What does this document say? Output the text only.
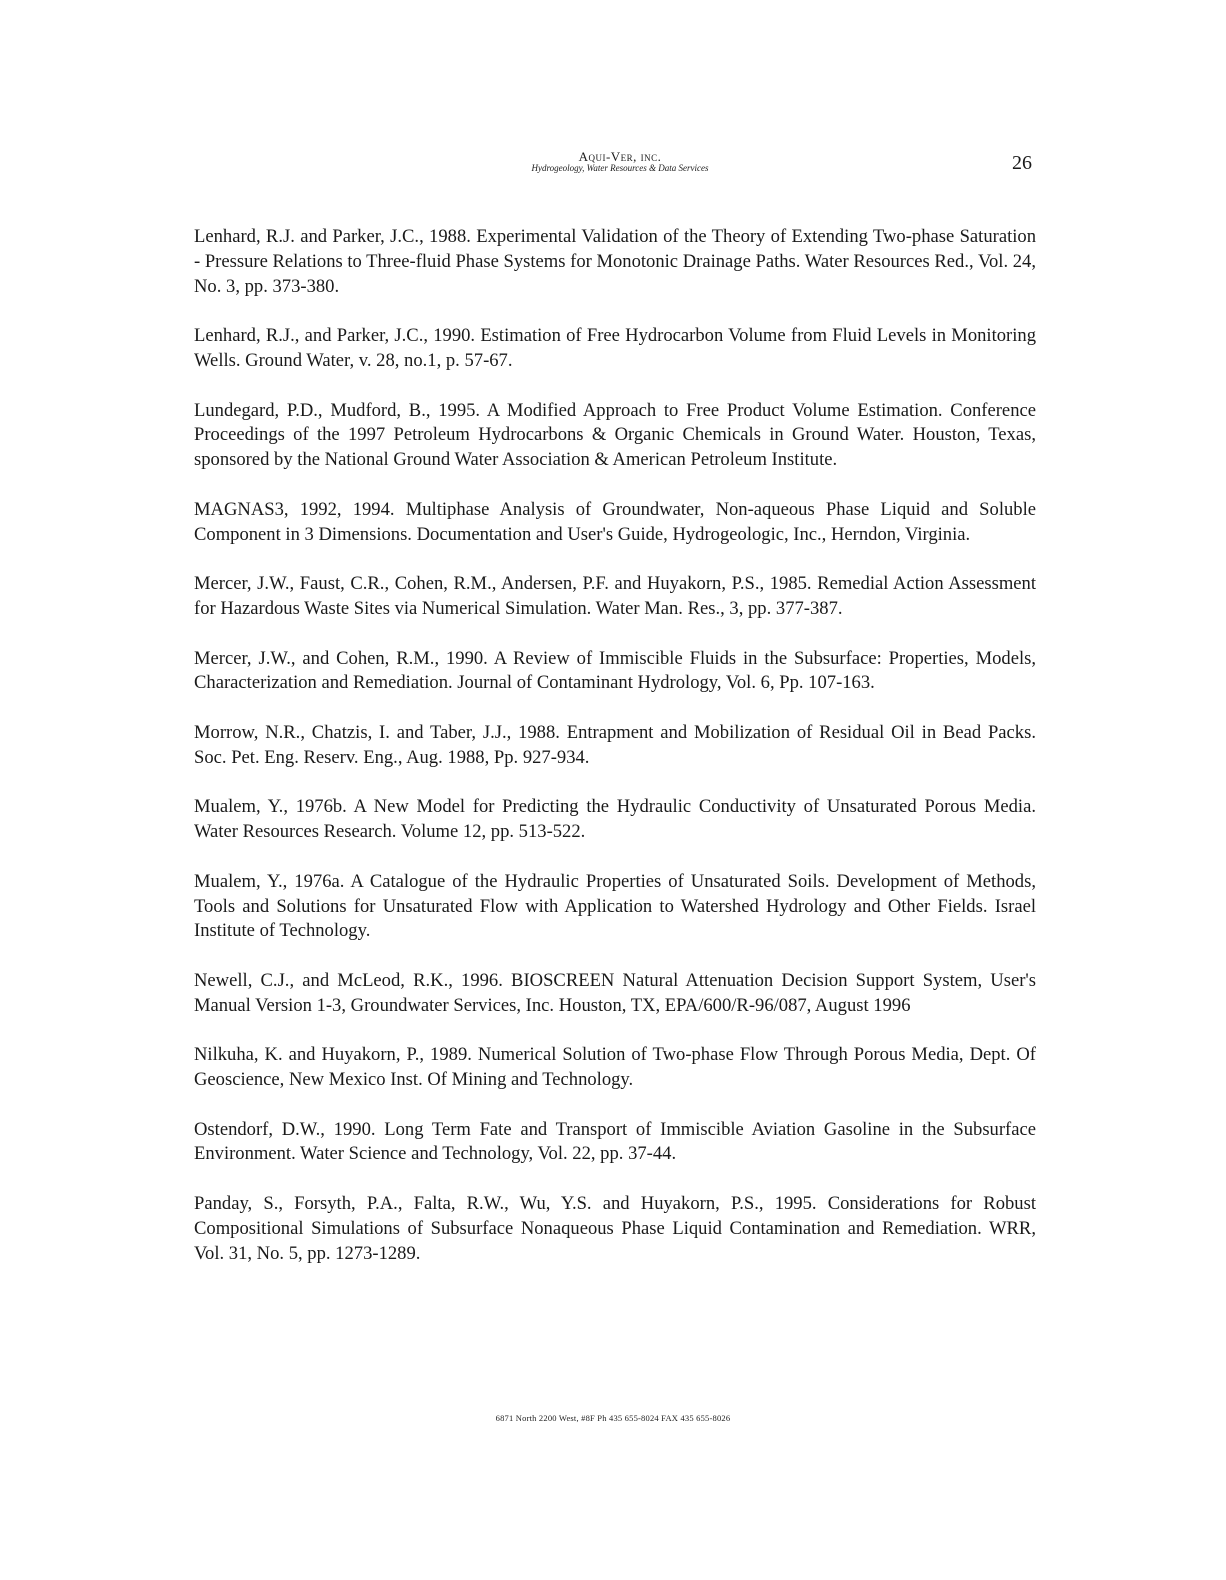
Aqui-Ver, inc.
Hydrogeology, Water Resources & Data Services	26
Lenhard, R.J. and Parker, J.C., 1988. Experimental Validation of the Theory of Extending Two-phase Saturation - Pressure Relations to Three-fluid Phase Systems for Monotonic Drainage Paths. Water Resources Red., Vol. 24, No. 3, pp. 373-380.
Lenhard, R.J., and Parker, J.C., 1990. Estimation of Free Hydrocarbon Volume from Fluid Levels in Monitoring Wells. Ground Water, v. 28, no.1, p. 57-67.
Lundegard, P.D., Mudford, B., 1995. A Modified Approach to Free Product Volume Estimation. Conference Proceedings of the 1997 Petroleum Hydrocarbons & Organic Chemicals in Ground Water. Houston, Texas, sponsored by the National Ground Water Association & American Petroleum Institute.
MAGNAS3, 1992, 1994. Multiphase Analysis of Groundwater, Non-aqueous Phase Liquid and Soluble Component in 3 Dimensions. Documentation and User's Guide, Hydrogeologic, Inc., Herndon, Virginia.
Mercer, J.W., Faust, C.R., Cohen, R.M., Andersen, P.F. and Huyakorn, P.S., 1985. Remedial Action Assessment for Hazardous Waste Sites via Numerical Simulation. Water Man. Res., 3, pp. 377-387.
Mercer, J.W., and Cohen, R.M., 1990. A Review of Immiscible Fluids in the Subsurface: Properties, Models, Characterization and Remediation. Journal of Contaminant Hydrology, Vol. 6, Pp. 107-163.
Morrow, N.R., Chatzis, I. and Taber, J.J., 1988. Entrapment and Mobilization of Residual Oil in Bead Packs. Soc. Pet. Eng. Reserv. Eng., Aug. 1988, Pp. 927-934.
Mualem, Y., 1976b. A New Model for Predicting the Hydraulic Conductivity of Unsaturated Porous Media. Water Resources Research. Volume 12, pp. 513-522.
Mualem, Y., 1976a. A Catalogue of the Hydraulic Properties of Unsaturated Soils. Development of Methods, Tools and Solutions for Unsaturated Flow with Application to Watershed Hydrology and Other Fields. Israel Institute of Technology.
Newell, C.J., and McLeod, R.K., 1996. BIOSCREEN Natural Attenuation Decision Support System, User's Manual Version 1-3, Groundwater Services, Inc. Houston, TX, EPA/600/R-96/087, August 1996
Nilkuha, K. and Huyakorn, P., 1989. Numerical Solution of Two-phase Flow Through Porous Media, Dept. Of Geoscience, New Mexico Inst. Of Mining and Technology.
Ostendorf, D.W., 1990. Long Term Fate and Transport of Immiscible Aviation Gasoline in the Subsurface Environment. Water Science and Technology, Vol. 22, pp. 37-44.
Panday, S., Forsyth, P.A., Falta, R.W., Wu, Y.S. and Huyakorn, P.S., 1995. Considerations for Robust Compositional Simulations of Subsurface Nonaqueous Phase Liquid Contamination and Remediation. WRR, Vol. 31, No. 5, pp. 1273-1289.
6871 North 2200 West, #8F Ph 435 655-8024 FAX 435 655-8026
